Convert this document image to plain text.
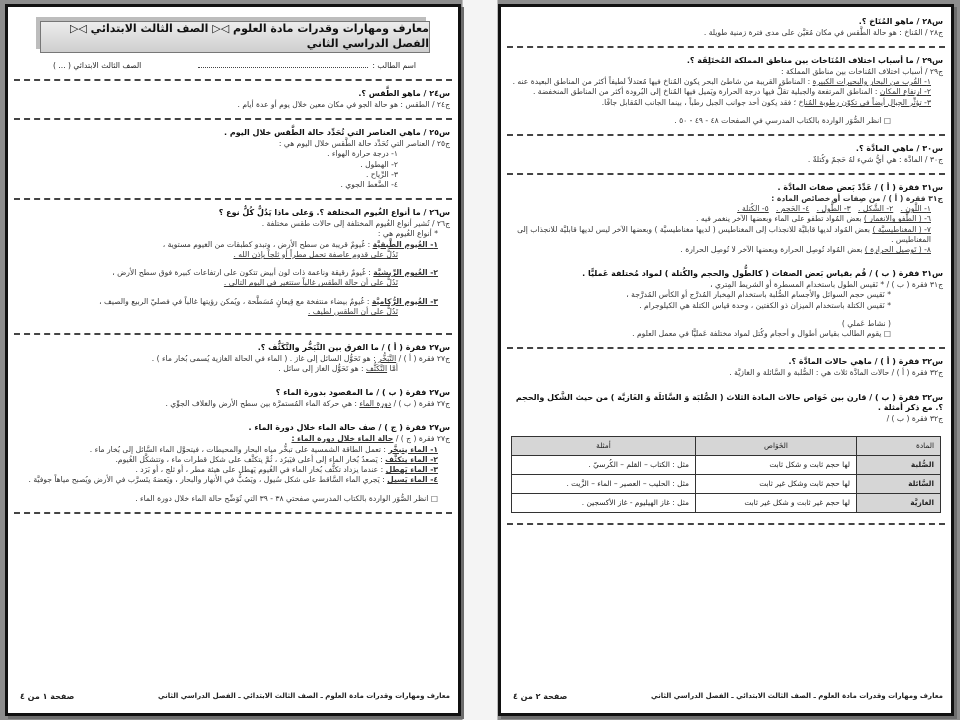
معارف ومهارات وقدرات مادة العلوم ◁▷ الصف الثالث الابتدائي ◁▷ الفصل الدراسي الثاني
اسم الطالب :
الصف الثالث الابتدائي ( ... )
س٢٤ / ماهو الطَّقس ؟.
ج٢٤ / الطقس : هو حالة الجو في مكان معين خلال يوم أو عدة أيام .
س٢٥ / ماهي العناصر التي تُحَدِّد حالة الطَّقس خلال اليوم .
ج٢٥ / العناصر التي تُحَدِّد حالة الطَّقس خلال اليوم هي :
١- درجة حرارة الهواء .
٢- الهطول .
٣- الرِّياح .
٤- الضَّغط الجوي .
س٢٦ / ما أنواع الغُيوم المختلفة ؟. وَعلى ماذا يَدُلُّ كُلُّ نوع ؟
ج٢٦ / تُشير أنواع الغُيوم المختلفة إلى حالات طقس مختلفة .
* أنواع الغُيوم هي :
١- الغُيوم الطَّبقيَّة : غُيومٌ قريبة من سطح الأرض ، وتبدو كطبقات من الغيوم مستوية ،
تَدُلُّ على قدوم عاصفة تحمل مطراً أو ثلجاً بإذن الله .
٢- الغُيوم الرِّيشيَّة : غُيومٌ رقيقة وناعمة ذات لون أبيض تتكون على ارتفاعات كبيرة فوق سطح الأرض ،
تَدُلُّ على أن حالة الطقس غالباً ستتغير في اليوم التالي .
٣- الغُيوم الرُّكاميَّة : غُيومٌ بيضاء منتفخة مع قِيعانٍ مُسَطَّحة ، ويُمكن رؤيتها غالباً في فصليّ الربيع والصيف ،
تَدُلُّ على أن الطقس لطيف .
س٢٧ فقرة ( أ ) / ما الفرق بين التَّبَخُّر والتَّكَثُّف ؟.
ج٢٧ فقرة ( أ ) / التَّبَخُّر : هو تَحَوُّل السائل إلى غاز . ( الماء في الحالة الغازية يُسمى بُخار ماء ) .
أمَّا التَّكَثُّف : هو تَحَوُّل الغاز إلى سائل .
س٢٧ فقرة ( ب ) / ما المقصود بدورة الماء ؟
ج٢٧ فقرة ( ب ) / دورة الماء : هي حركة الماء المُستمرَّة بين سطح الأرض والغلاف الجوِّي .
س٢٧ فقرة ( ج ) / صف حالة الماء خلال دورة الماء .
ج٢٧ فقرة ( ج ) / حالة الماء خلال دورة الماء :
١- الماء يتبخَّر : تعمل الطاقة الشمسية على تبخُّر مياه البحار والمحيطات ، فيتحوَّل الماء السَّائل إلى بُخار ماء .
٢- الماء يتكثَّف : يَصعدُ بُخار الماء إلى أعلى فيَبرُد ، ثُمَّ يتكثَّف على شكل قطرات ماء ، وتتشكَّل الغُيوم.
٣- الماء يَهطل : عندما يزداد تكثُّف بُخار الماء في الغُيوم يَهطل على هيئة مطر ، أو ثلج ، أو بَرَد .
٤- الماء يَسيل : يَجري الماء السَّاقط على شكل سُيول ، ويَصُبُّ في الأنهار والبحار ، ويَعضهُ يتَسرَّب في الأرض ويُصبح مياهاً جوفيَّة .
□ انظر الصُّوَر الواردة بالكتاب المدرسي صفحتي ٣٨ - ٣٩ التي تُوَضِّح حالة الماء خلال دورة الماء .
معارف ومهارات وقدرات مادة العلوم ـ الصف الثالث الابتدائي ـ الفصل الدراسي الثاني
صفحة ١ من ٤
س٢٨ / ماهو المُنَاخ ؟.
ج٢٨ / المُناخ : هو حالة الطَّقس في مكان مُعَيَّن على مدى فترة زمنية طويلة .
س٢٩ / ما أسباب اختلاف المُنَاخات بين مناطق المملكة المُختَلِفَة ؟.
ج٢٩ / أسباب اختلاف المُناخات بين مناطق المملكة :
١- القُرب من البحار والبحيرات الكبيرة : المناطق القريبة من شاطئ البحر يكون المُناخ فيها مُعتدلاً لطيفاً أكثر من المناطق البعيدة عنه .
٢- ارتفاع المكان : المناطق المرتفعة والجبلية تقلُّ فيها درجة الحرارة ويَميل فيها المُناخ إلى البُرودة أكثر من المناطق المنخفضة .
٣- تؤثِّر الجبال أيضاً في تكوّن رطوبة المُناخ ؛ فقد يكون أحد جوانب الجبل رطباً ، بينما الجانب المُقابل جافًا.
□ انظر الصُّوَر الواردة بالكتاب المدرسي في الصفحات ٤٨ - ٤٩ - ٥٠ .
س٣٠ / ماهي المادَّة ؟.
ج٣٠ / المادَّة : هي أيُّ شيء لهُ حَجمٌ وكُتلةٌ .
س٣١ فقرة ( أ ) / عَدِّدْ بَعض صفات المادَّة .
ج٣١ فقرة ( أ ) / من صِفات أو خصائص المادة :
١- اللَّون .   ٢- الشَّكل .   ٣- الطُّول .   ٤- الحَجم .   ٥- الكُتلة .
٦- ( الطَّفو والانغمار ) بعض المُواد تطفو على الماء وبعضها الآخر ينغمر فيه .
٧- ( المغناطيسيَّة ) بعض المُواد لديها قابليَّة للانجذاب إلى المغناطيس ( لديها مغناطيسيَّة ) وبعضها الآخر ليس لديها قابليَّة للانجذاب إلى المغناطيس .
٨- ( تَوصيل الحرارة ) بعض المُواد تُوصِل الحرارة وبعضها الآخر لا تُوصِل الحرارة .
س٣١ فقرة ( ب ) / قُم بقياس بَعض الصفات ( كالطُّول والحجم والكُتلة ) لمواد مُختلفة عَمليًّا .
ج٣١ فقرة ( ب ) / * نَقيس الطول باستخدام المسطرة أو الشريط المِتري ،
* نَقيس حجم السوائل والأجسام الصُّلبة باستخدام المِخبار المُدرَّج أو الكأس المُدرَّجة ،
* نَقيس الكتلة باستخدام الميزان ذو الكفتين ، وحدة قياس الكتلة هي الكيلوجرام .
( نشاط عَملي )
□ يقوم الطالب بقياس أطوال و أحجام وكُتل لمواد مختلفة عَمليًّا في معمل العلوم .
س٣٢ فقرة ( أ ) / ماهي حالات المادَّة ؟.
ج٣٢ فقرة ( أ ) / حالات المادَّة ثلاث هي : الصُّلبة و السَّائلة و الغازيَّة .
س٣٢ فقرة ( ب ) / قارن بين خَوَاص حالات المادة الثلاث ( الصُّلبَة وَ السَّائلَة وَ الغَازيَّة ) من حيث الشَّكل والحجم ؟. مع ذكر أمثلة .
ج٣٢ فقرة ( ب ) /
المادة	الخَوَاص	أمثلة
الصُّلبة	لها حجم ثابت و شكل ثابت	مثل : الكتاب – القلم – الكُرسيّ .
السَّائلة	لها حجم ثابت وشكل غير ثابت	مثل : الحليب – العصير – الماء – الزَّيت .
الغازيَّة	لها حجم غير ثابت و شكل غير ثابت	مثل : غاز الهيليوم - غاز الأكسجين .
معارف ومهارات وقدرات مادة العلوم ـ الصف الثالث الابتدائي ـ الفصل الدراسي الثاني
صفحة ٢ من ٤
